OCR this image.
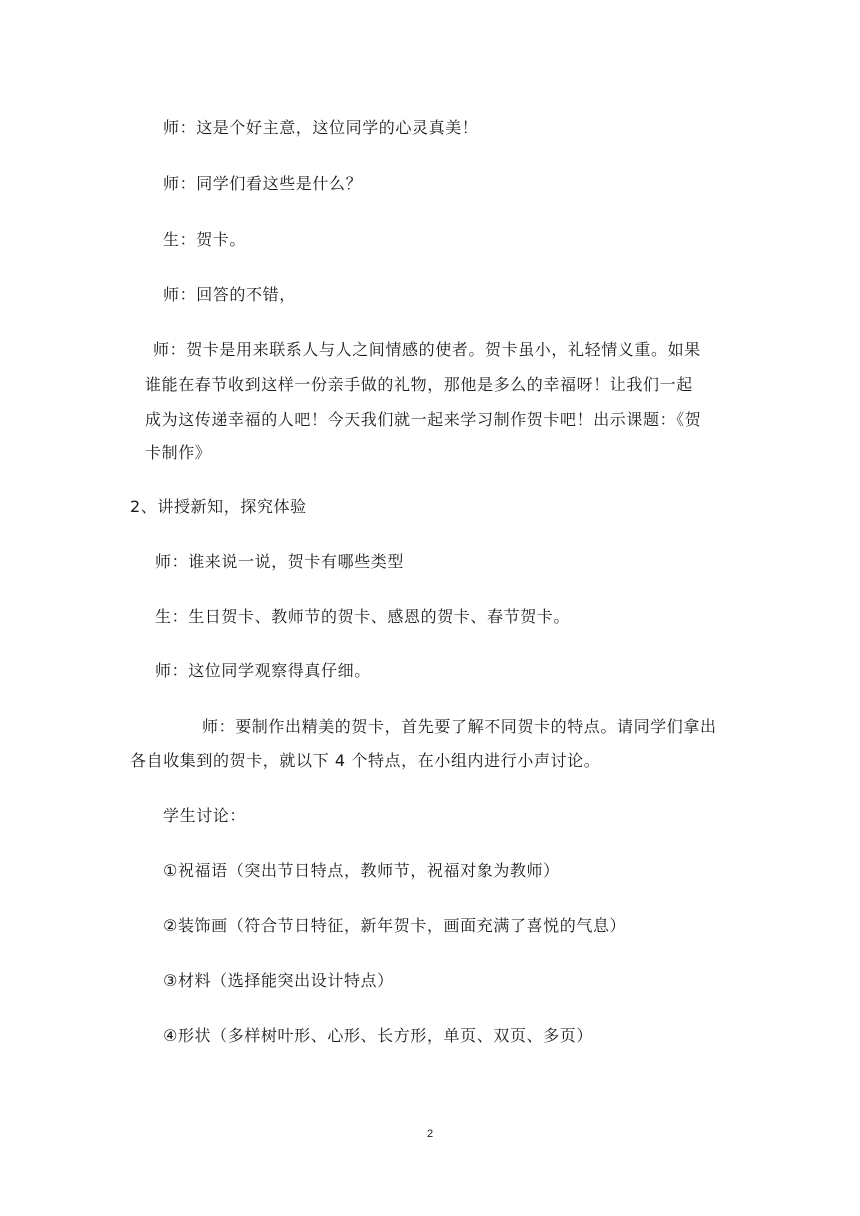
师：这是个好主意，这位同学的心灵真美！
师：同学们看这些是什么？
生：贺卡。
师：回答的不错，
师：贺卡是用来联系人与人之间情感的使者。贺卡虽小，礼轻情义重。如果
谁能在春节收到这样一份亲手做的礼物，那他是多么的幸福呀！让我们一起
成为这传递幸福的人吧！今天我们就一起来学习制作贺卡吧！出示课题：《贺
卡制作》
2、讲授新知，探究体验
师：谁来说一说，贺卡有哪些类型
生：生日贺卡、教师节的贺卡、感恩的贺卡、春节贺卡。
师：这位同学观察得真仔细。
师：要制作出精美的贺卡，首先要了解不同贺卡的特点。请同学们拿出
各自收集到的贺卡，就以下 4 个特点，在小组内进行小声讨论。
学生讨论：
①祝福语（突出节日特点，教师节，祝福对象为教师）
②装饰画（符合节日特征，新年贺卡，画面充满了喜悦的气息）
③材料（选择能突出设计特点）
④形状（多样树叶形、心形、长方形，单页、双页、多页）
2
